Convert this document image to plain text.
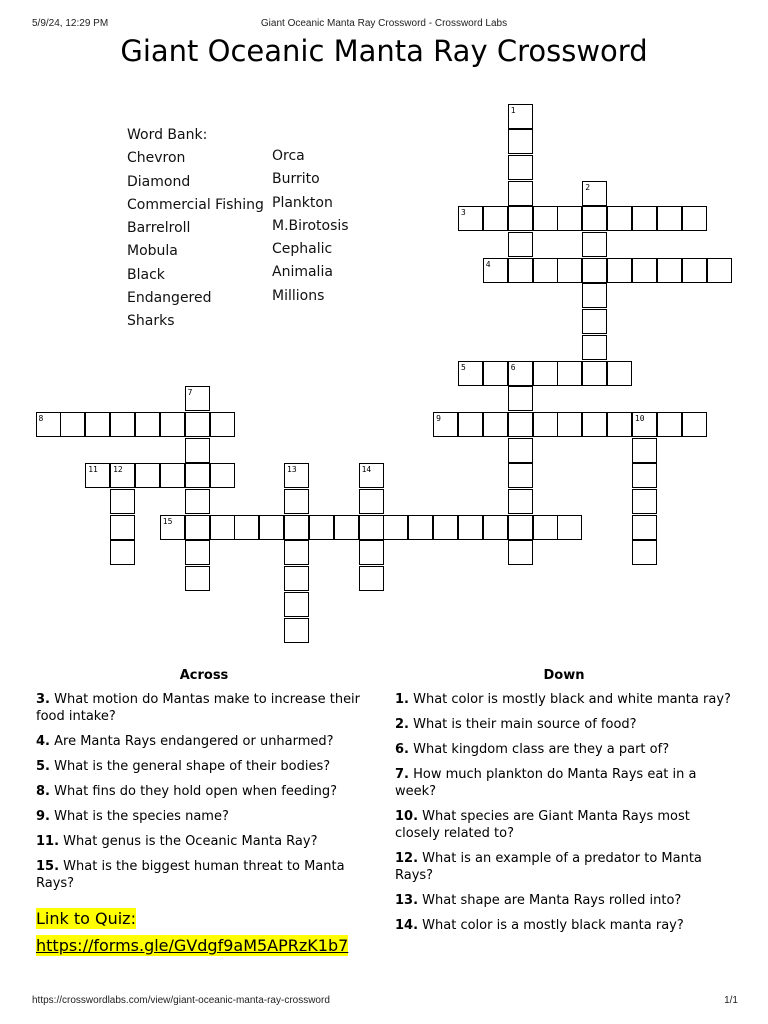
5/9/24, 12:29 PM	Giant Oceanic Manta Ray Crossword - Crossword Labs
Giant Oceanic Manta Ray Crossword
Word Bank:
Chevron
Diamond
Commercial Fishing
Barrelroll
Mobula
Black
Endangered
Sharks
Orca
Burrito
Plankton
M.Birotosis
Cephalic
Animalia
Millions
1
2
3
4
5	6
7
8	9	10
11 12	13	14
15
Across	Down
3. What motion do Mantas make to increase their food intake?
4. Are Manta Rays endangered or unharmed?
5. What is the general shape of their bodies?
8. What fins do they hold open when feeding?
9. What is the species name?
11. What genus is the Oceanic Manta Ray?
15. What is the biggest human threat to Manta Rays?
1. What color is mostly black and white manta ray?
2. What is their main source of food?
6. What kingdom class are they a part of?
7. How much plankton do Manta Rays eat in a week?
10. What species are Giant Manta Rays most closely related to?
12. What is an example of a predator to Manta Rays?
13. What shape are Manta Rays rolled into?
14. What color is a mostly black manta ray?
Link to Quiz:
https://forms.gle/GVdgf9aM5APRzK1b7
https://crosswordlabs.com/view/giant-oceanic-manta-ray-crossword	1/1
